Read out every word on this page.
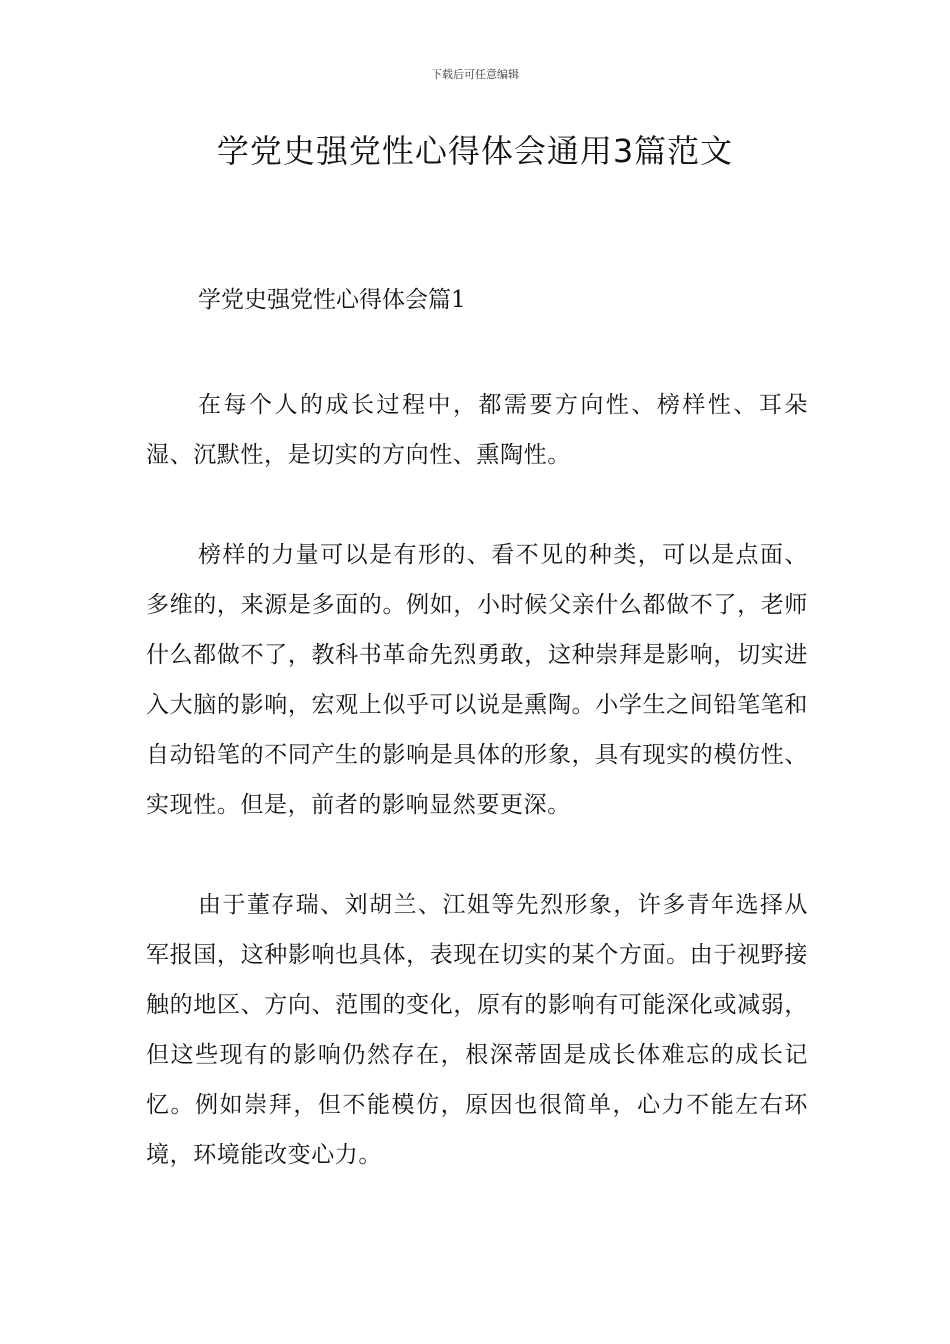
下载后可任意编辑
学党史强党性心得体会通用3篇范文

学党史强党性心得体会篇1

在每个人的成长过程中，都需要方向性、榜样性、耳朵湿、沉默性，是切实的方向性、熏陶性。

榜样的力量可以是有形的、看不见的种类，可以是点面、多维的，来源是多面的。例如，小时候父亲什么都做不了，老师什么都做不了，教科书革命先烈勇敢，这种崇拜是影响，切实进入大脑的影响，宏观上似乎可以说是熏陶。小学生之间铅笔笔和自动铅笔的不同产生的影响是具体的形象，具有现实的模仿性、实现性。但是，前者的影响显然要更深。

由于董存瑞、刘胡兰、江姐等先烈形象，许多青年选择从军报国，这种影响也具体，表现在切实的某个方面。由于视野接触的地区、方向、范围的变化，原有的影响有可能深化或减弱，但这些现有的影响仍然存在，根深蒂固是成长体难忘的成长记忆。例如崇拜，但不能模仿，原因也很简单，心力不能左右环境，环境能改变心力。
